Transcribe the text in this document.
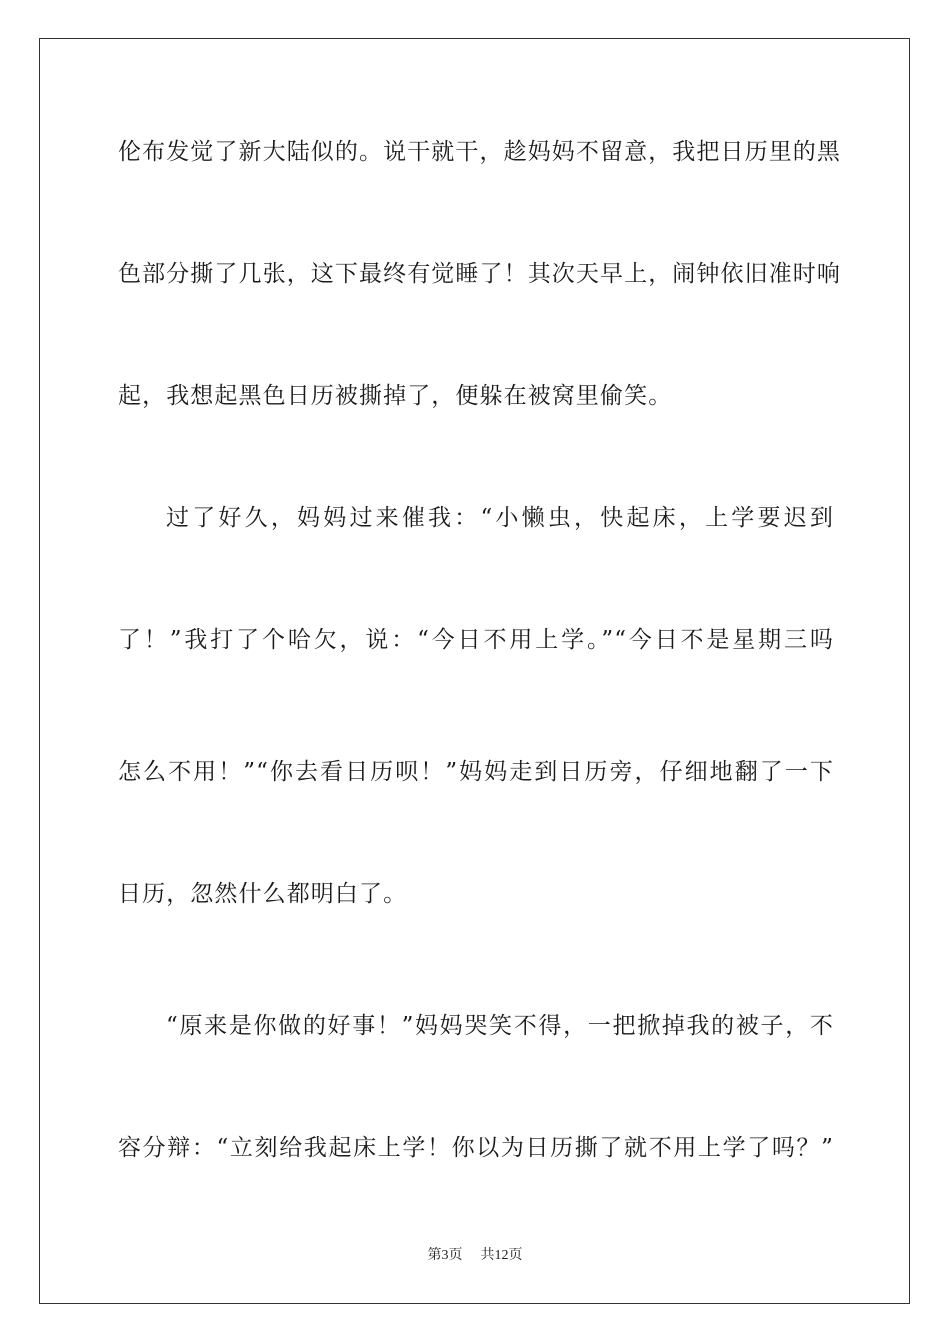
伦布发觉了新大陆似的。说干就干，趁妈妈不留意，我把日历里的黑
色部分撕了几张，这下最终有觉睡了！其次天早上，闹钟依旧准时响
起，我想起黑色日历被撕掉了，便躲在被窝里偷笑。
过了好久，妈妈过来催我：“小懒虫，快起床，上学要迟到
了！”我打了个哈欠，说：“今日不用上学。”“今日不是星期三吗
怎么不用！”“你去看日历呗！”妈妈走到日历旁，仔细地翻了一下
日历，忽然什么都明白了。
“原来是你做的好事！”妈妈哭笑不得，一把掀掉我的被子，不
容分辩：“立刻给我起床上学！你以为日历撕了就不用上学了吗？”
第3页 共12页
